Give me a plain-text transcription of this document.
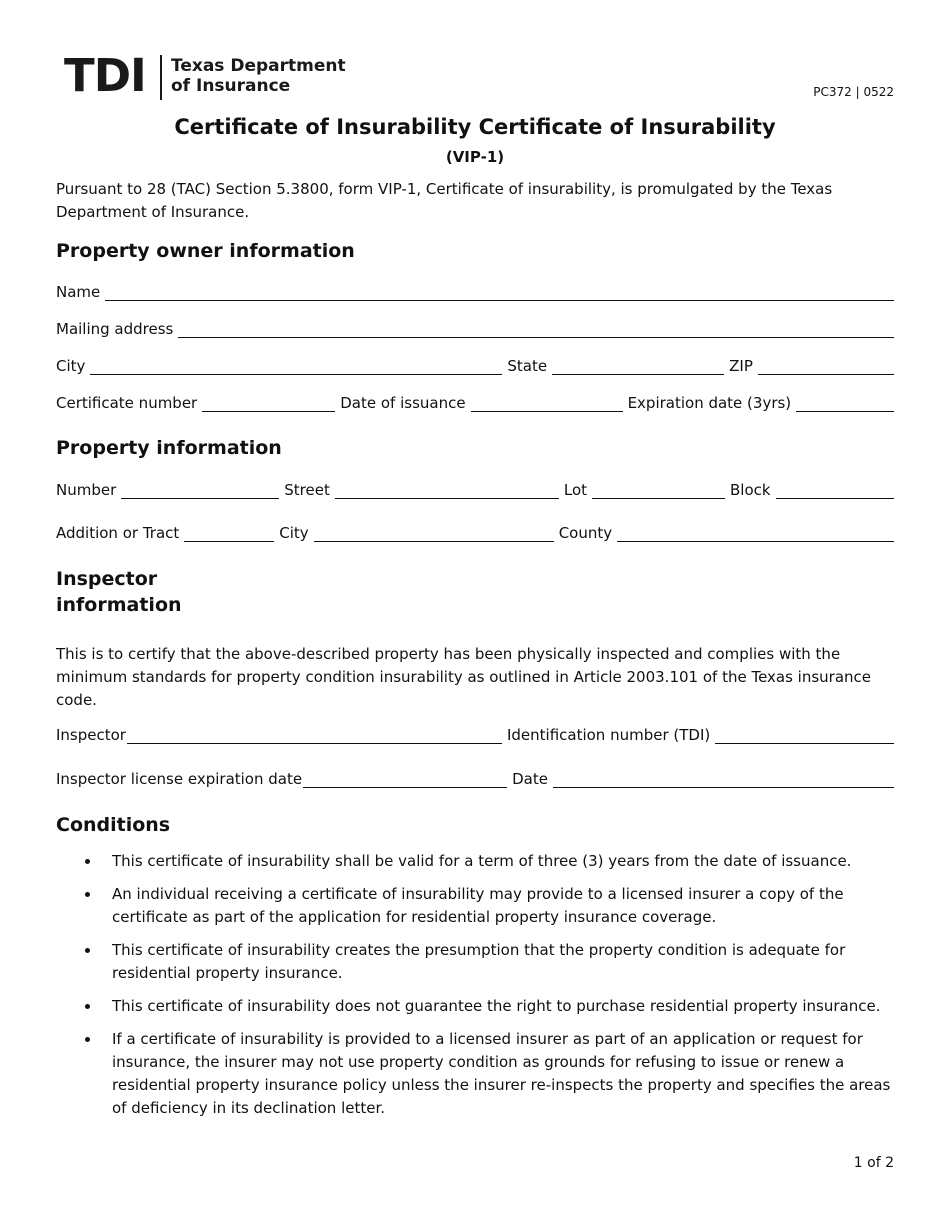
TDI Texas Department
of Insurance	PC372 | 0522
Certificate of Insurability Certificate of Insurability
(VIP-1)
Pursuant to 28 (TAC) Section 5.3800, form VIP-1, Certificate of insurability, is promulgated by the Texas Department of Insurance.
Property owner information
Name
Mailing address
City	State	ZIP
Certificate number	Date of issuance	Expiration date (3yrs)
Property information
Number	Street	Lot	Block
Addition or Tract	City	County
Inspector
information
This is to certify that the above-described property has been physically inspected and complies with the minimum standards for property condition insurability as outlined in Article 2003.101 of the Texas insurance code.
Inspector	Identification number (TDI)
Inspector license expiration date	Date
Conditions
This certificate of insurability shall be valid for a term of three (3) years from the date of issuance.
An individual receiving a certificate of insurability may provide to a licensed insurer a copy of the certificate as part of the application for residential property insurance coverage.
This certificate of insurability creates the presumption that the property condition is adequate for residential property insurance.
This certificate of insurability does not guarantee the right to purchase residential property insurance.
If a certificate of insurability is provided to a licensed insurer as part of an application or request for insurance, the insurer may not use property condition as grounds for refusing to issue or renew a residential property insurance policy unless the insurer re-inspects the property and specifies the areas of deficiency in its declination letter.
1 of 2
